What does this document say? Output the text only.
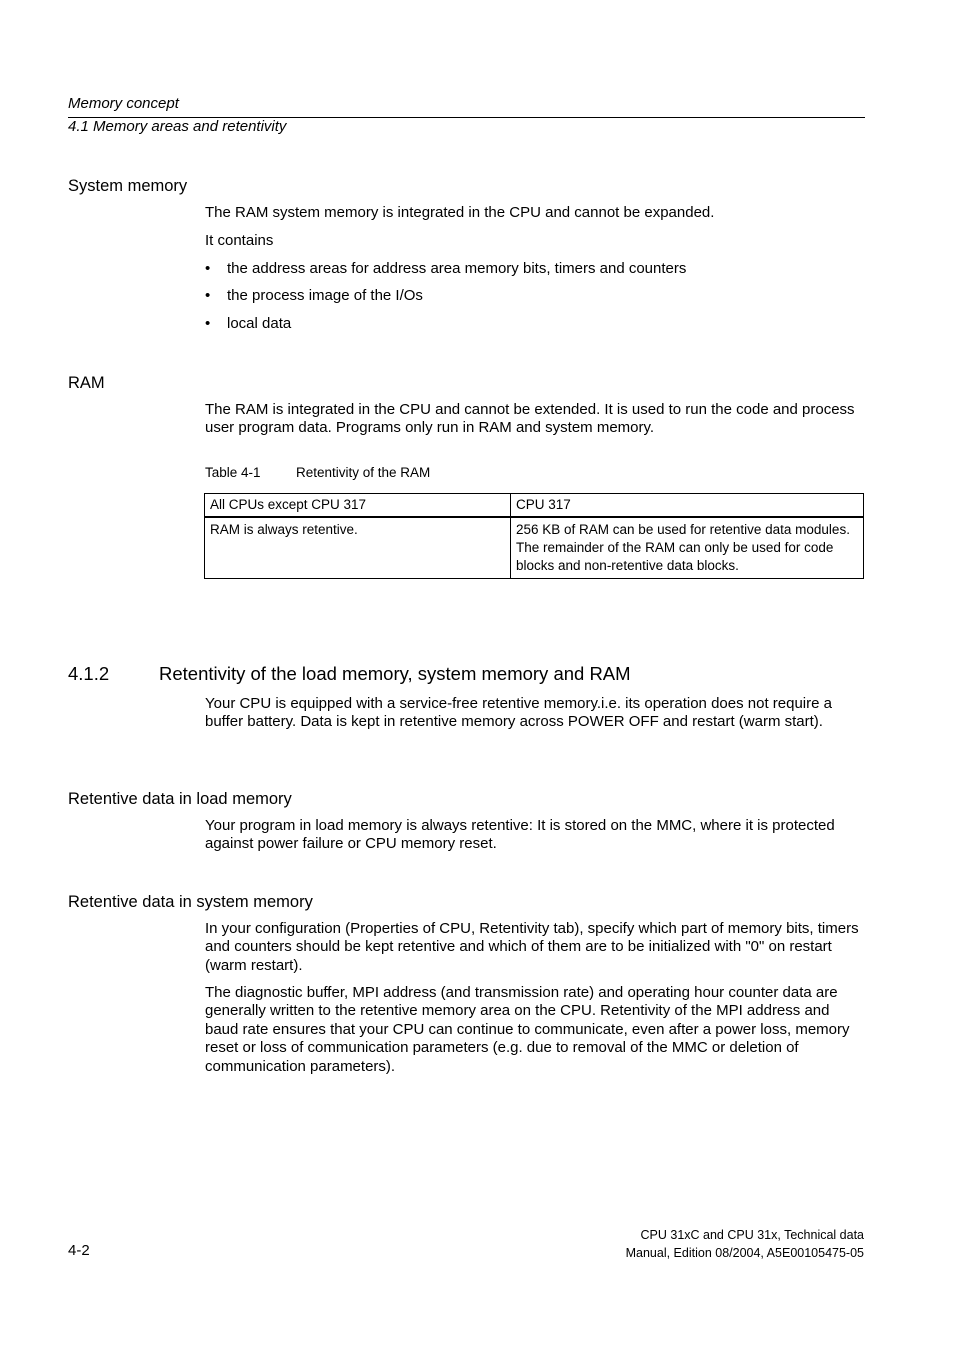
Memory concept
4.1 Memory areas and retentivity
System memory
The RAM system memory is integrated in the CPU and cannot be expanded.
It contains
• the address areas for address area memory bits, timers and counters
• the process image of the I/Os
• local data
RAM
The RAM is integrated in the CPU and cannot be extended. It is used to run the code and process user program data. Programs only run in RAM and system memory.
Table 4-1	Retentivity of the RAM
All CPUs except CPU 317	CPU 317
RAM is always retentive.	256 KB of RAM can be used for retentive data modules. The remainder of the RAM can only be used for code blocks and non-retentive data blocks.
4.1.2	Retentivity of the load memory, system memory and RAM
Your CPU is equipped with a service-free retentive memory.i.e. its operation does not require a buffer battery. Data is kept in retentive memory across POWER OFF and restart (warm start).
Retentive data in load memory
Your program in load memory is always retentive: It is stored on the MMC, where it is protected against power failure or CPU memory reset.
Retentive data in system memory
In your configuration (Properties of CPU, Retentivity tab), specify which part of memory bits, timers and counters should be kept retentive and which of them are to be initialized with "0" on restart (warm restart).
The diagnostic buffer, MPI address (and transmission rate) and operating hour counter data are generally written to the retentive memory area on the CPU. Retentivity of the MPI address and baud rate ensures that your CPU can continue to communicate, even after a power loss, memory reset or loss of communication parameters (e.g. due to removal of the MMC or deletion of communication parameters).
4-2
CPU 31xC and CPU 31x, Technical data
Manual, Edition 08/2004, A5E00105475-05
